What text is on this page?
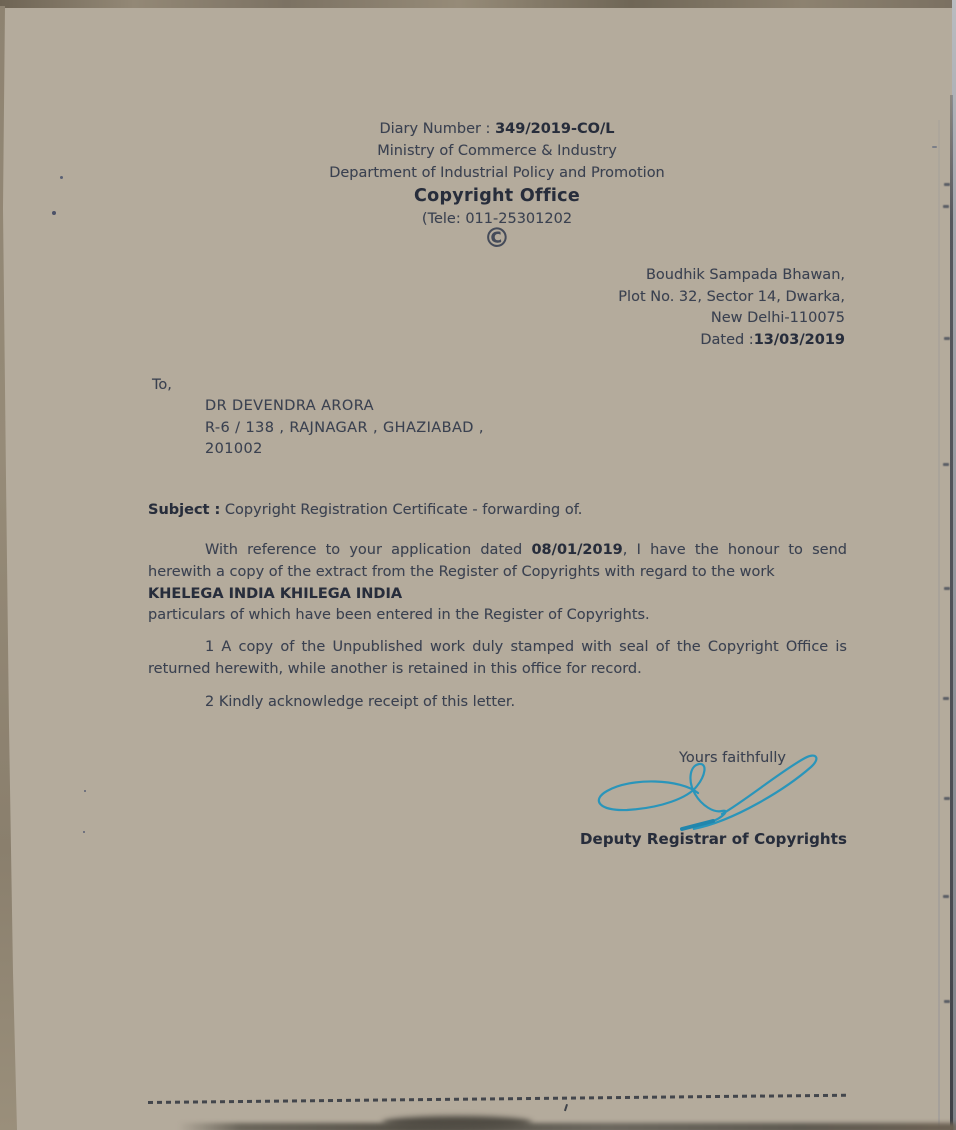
Diary Number : 349/2019-CO/L
Ministry of Commerce & Industry
Department of Industrial Policy and Promotion
Copyright Office
(Tele: 011-25301202
©
Boudhik Sampada Bhawan,
Plot No. 32, Sector 14, Dwarka,
New Delhi-110075
Dated :13/03/2019
To,
DR DEVENDRA ARORA
R-6 / 138 , RAJNAGAR , GHAZIABAD ,
201002
Subject : Copyright Registration Certificate - forwarding of.
With reference to your application dated 08/01/2019, I have the honour to send
herewith a copy of the extract from the Register of Copyrights with regard to the work
KHELEGA INDIA KHILEGA INDIA
particulars of which have been entered in the Register of Copyrights.
1 A copy of the Unpublished work duly stamped with seal of the Copyright Office is
returned herewith, while another is retained in this office for record.
2 Kindly acknowledge receipt of this letter.
Yours faithfully
Deputy Registrar of Copyrights
